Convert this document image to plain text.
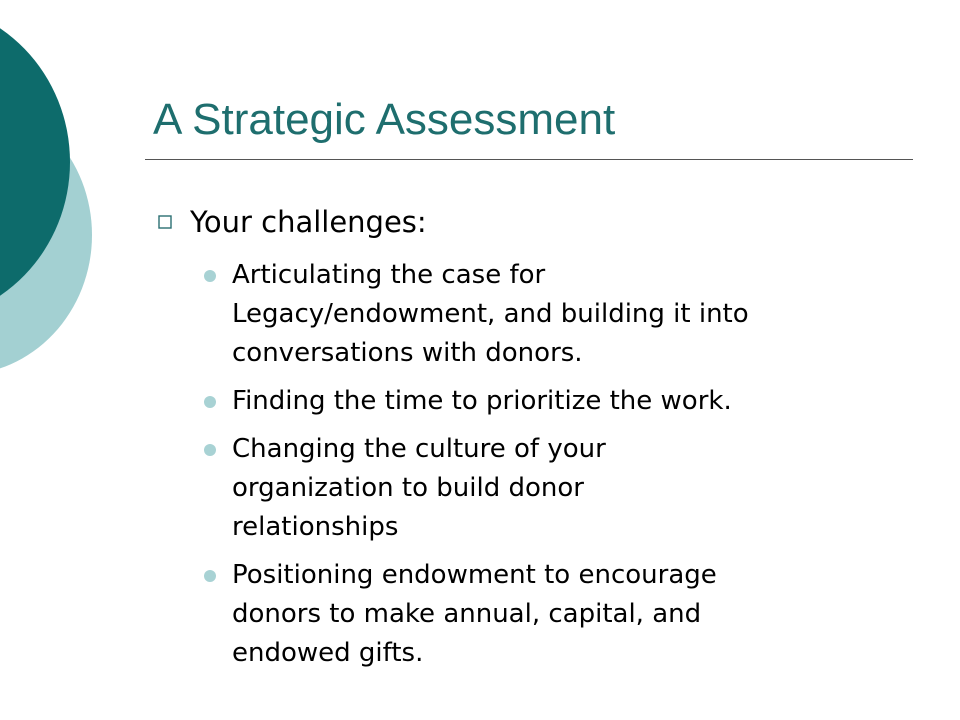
A Strategic Assessment
Your challenges:
Articulating the case for
Legacy/endowment, and building it into
conversations with donors.
Finding the time to prioritize the work.
Changing the culture of your
organization to build donor
relationships
Positioning endowment to encourage
donors to make annual, capital, and
endowed gifts.
